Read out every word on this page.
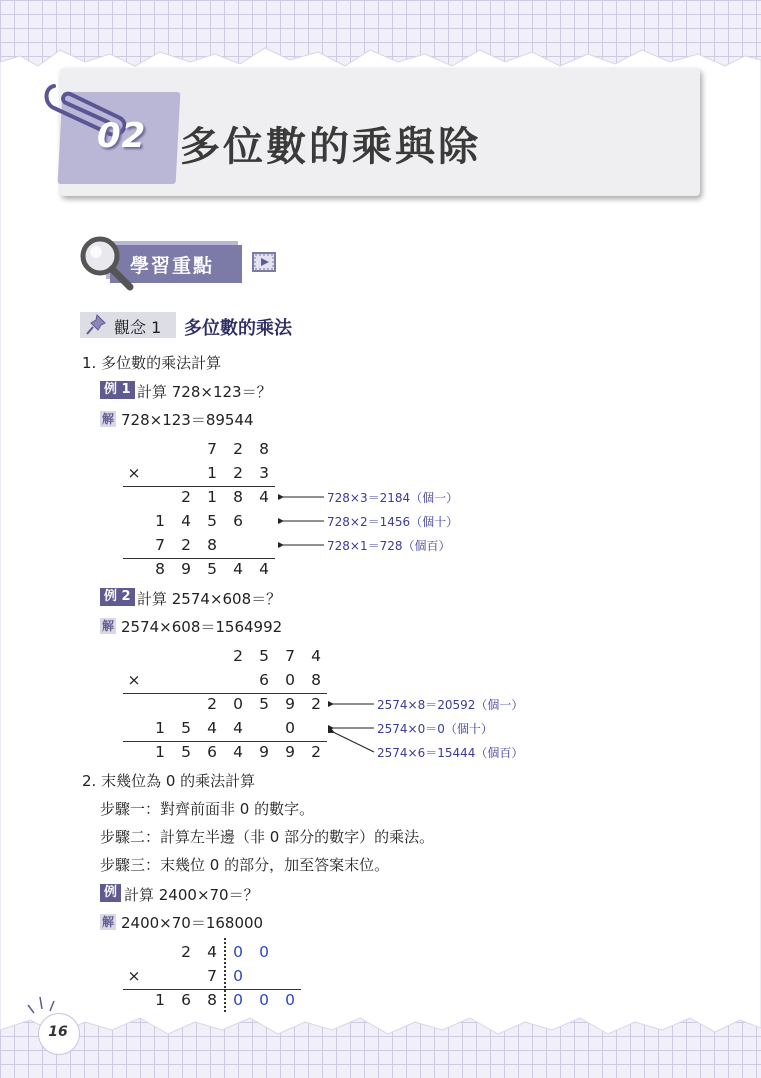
02 多位數的乘與除
學習重點
觀念 1 多位數的乘法
1. 多位數的乘法計算
例 1 計算 728×123＝？
解 728×123＝89544
7 2 8
×	1 2 3
2 1 8 4
1 4 5 6
7 2 8
8 9 5 4 4
728×3＝2184（個一）
728×2＝1456（個十）
728×1＝728（個百）
例 2 計算 2574×608＝？
解 2574×608＝1564992
2 5 7 4
×	6 0 8
2 0 5 9 2
1 5 4 4	0
1 5 6 4 9 9 2
2574×8＝20592（個一）
2574×0＝0（個十）
2574×6＝15444（個百）
2. 末幾位為 0 的乘法計算
步驟一：對齊前面非 0 的數字。
步驟二：計算左半邊（非 0 部分的數字）的乘法。
步驟三：末幾位 0 的部分，加至答案末位。
例 計算 2400×70＝？
解 2400×70＝168000
2 4 0 0
×	7 0
1 6 8 0 0 0
16
